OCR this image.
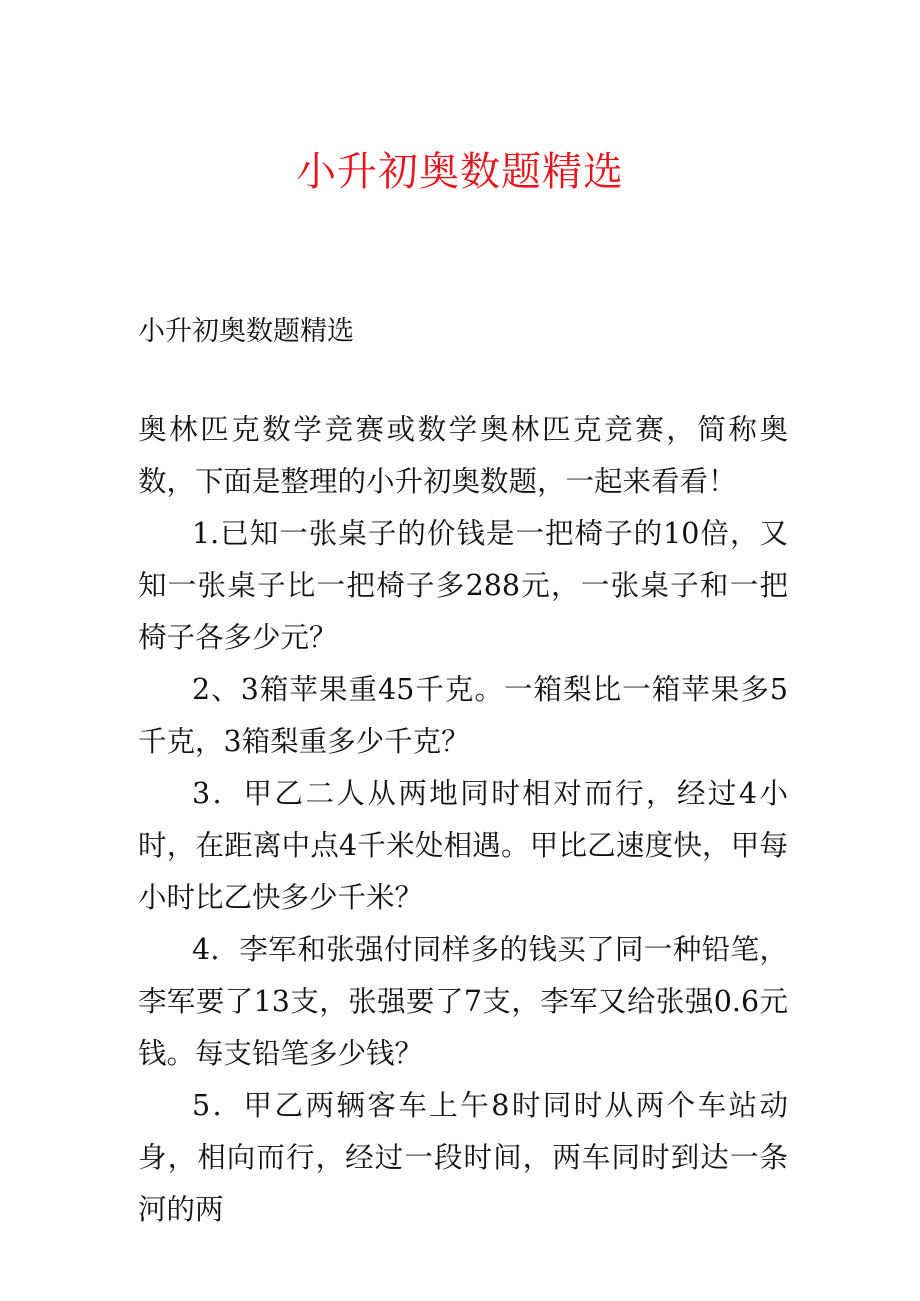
小升初奥数题精选
小升初奥数题精选

奥林匹克数学竞赛或数学奥林匹克竞赛，简称奥数，下面是整理的小升初奥数题，一起来看看！

1.已知一张桌子的价钱是一把椅子的10倍，又知一张桌子比一把椅子多288元，一张桌子和一把椅子各多少元？

2、3箱苹果重45千克。一箱梨比一箱苹果多5千克，3箱梨重多少千克？

3．甲乙二人从两地同时相对而行，经过4小时，在距离中点4千米处相遇。甲比乙速度快，甲每小时比乙快多少千米？

4．李军和张强付同样多的钱买了同一种铅笔，李军要了13支，张强要了7支，李军又给张强0.6元钱。每支铅笔多少钱？

5．甲乙两辆客车上午8时同时从两个车站动身，相向而行，经过一段时间，两车同时到达一条河的两
